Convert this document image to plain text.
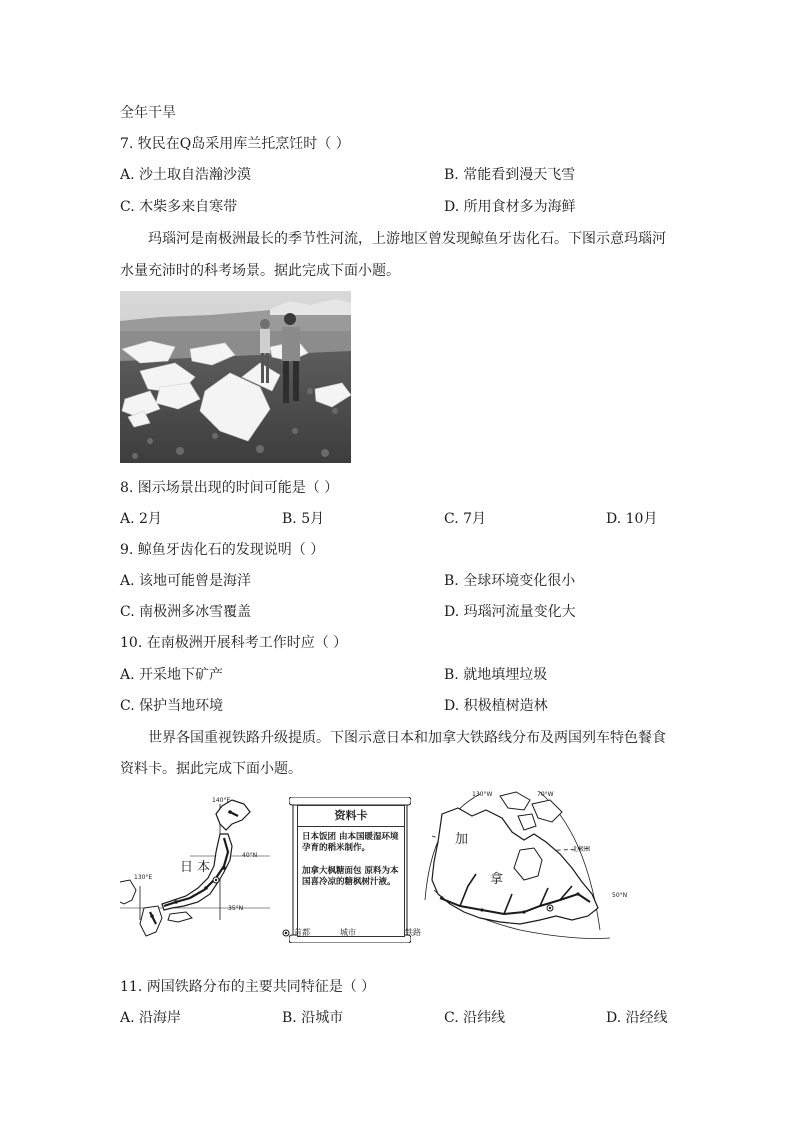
全年干旱
7. 牧民在Q岛采用库兰托烹饪时（ ）
A. 沙土取自浩瀚沙漠	B. 常能看到漫天飞雪
C. 木柴多来自寒带	D. 所用食材多为海鲜
玛瑙河是南极洲最长的季节性河流，上游地区曾发现鲸鱼牙齿化石。下图示意玛瑙河
水量充沛时的科考场景。据此完成下面小题。
8. 图示场景出现的时间可能是（ ）
A. 2月	B. 5月	C. 7月	D. 10月
9. 鲸鱼牙齿化石的发现说明（ ）
A. 该地可能曾是海洋	B. 全球环境变化很小
C. 南极洲多冰雪覆盖	D. 玛瑙河流量变化大
10. 在南极洲开展科考工作时应（ ）
A. 开采地下矿产	B. 就地填埋垃圾
C. 保护当地环境	D. 积极植树造林
世界各国重视铁路升级提质。下图示意日本和加拿大铁路线分布及两国列车特色餐食
资料卡。据此完成下面小题。
日 本
加
拿
140°E
130°E
40°N
35°N
130°W	70°W
50°N
北极圈
资料卡
日本饭团 由本国暖湿环境孕育的稻米制作。
加拿大枫糖面包 原料为本国喜冷凉的糖枫树汁液。
首都	城市	铁路
11. 两国铁路分布的主要共同特征是（ ）
A. 沿海岸	B. 沿城市	C. 沿纬线	D. 沿经线
